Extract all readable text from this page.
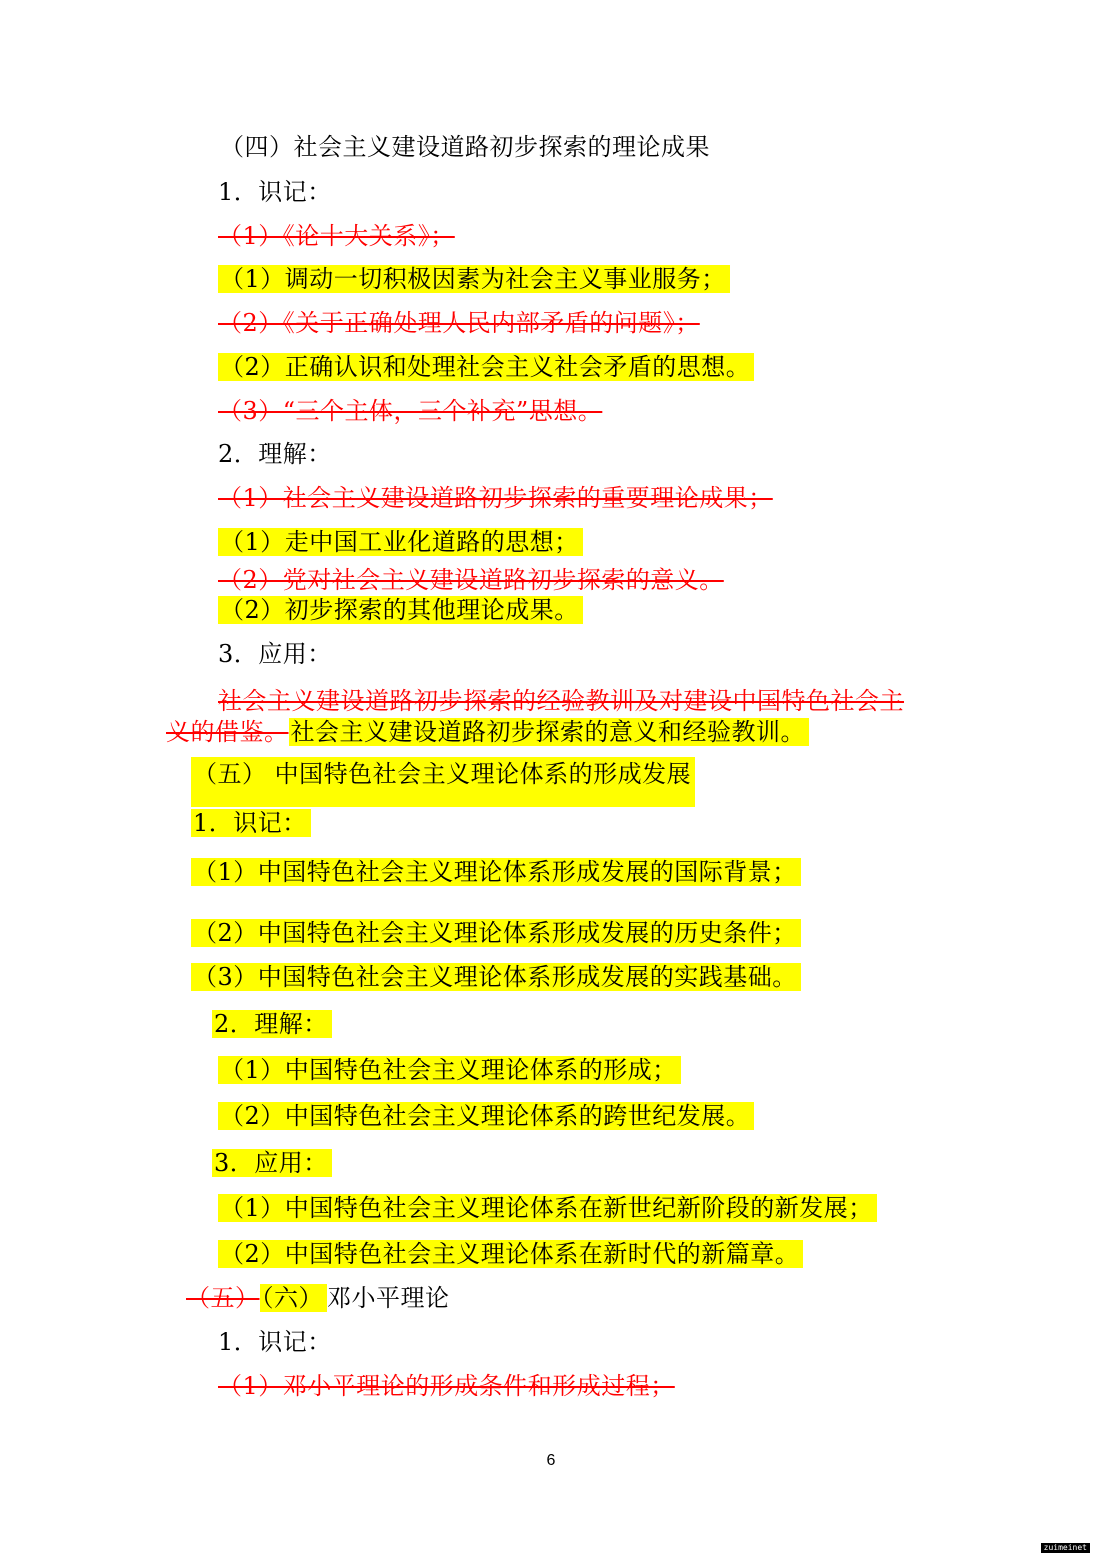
（四）社会主义建设道路初步探索的理论成果
1．识记：
（1）《论十大关系》；
（1）调动一切积极因素为社会主义事业服务；
（2）《关于正确处理人民内部矛盾的问题》；
（2）正确认识和处理社会主义社会矛盾的思想。
（3）“三个主体，三个补充”思想。
2．理解：
（1）社会主义建设道路初步探索的重要理论成果；
（1）走中国工业化道路的思想；
（2）党对社会主义建设道路初步探索的意义。
（2）初步探索的其他理论成果。
3．应用：
社会主义建设道路初步探索的经验教训及对建设中国特色社会主
义的借鉴。社会主义建设道路初步探索的意义和经验教训。
（五） 中国特色社会主义理论体系的形成发展
1．识记：
（1）中国特色社会主义理论体系形成发展的国际背景；
（2）中国特色社会主义理论体系形成发展的历史条件；
（3）中国特色社会主义理论体系形成发展的实践基础。
2．理解：
（1）中国特色社会主义理论体系的形成；
（2）中国特色社会主义理论体系的跨世纪发展。
3．应用：
（1）中国特色社会主义理论体系在新世纪新阶段的新发展；
（2）中国特色社会主义理论体系在新时代的新篇章。
（五）（六） 邓小平理论
1．识记：
（1）邓小平理论的形成条件和形成过程；
6
zuimeinet
